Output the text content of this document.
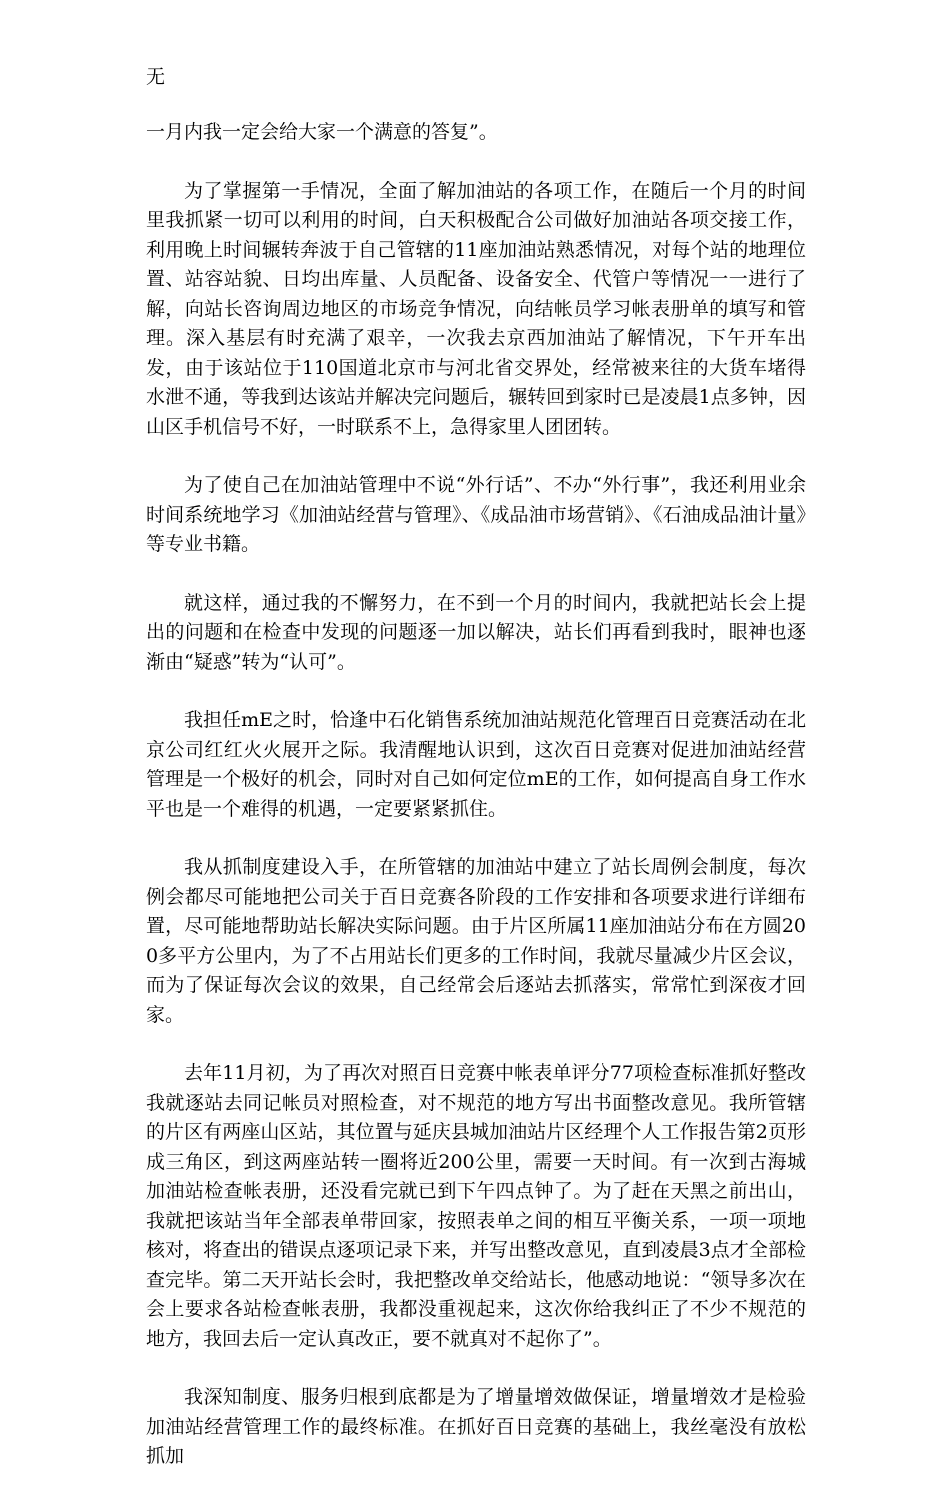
无

一月内我一定会给大家一个满意的答复”。

为了掌握第一手情况，全面了解加油站的各项工作，在随后一个月的时间里我抓紧一切可以利用的时间，白天积极配合公司做好加油站各项交接工作，利用晚上时间辗转奔波于自己管辖的11座加油站熟悉情况，对每个站的地理位置、站容站貌、日均出库量、人员配备、设备安全、代管户等情况一一进行了解，向站长咨询周边地区的市场竞争情况，向结帐员学习帐表册单的填写和管理。深入基层有时充满了艰辛，一次我去京西加油站了解情况，下午开车出发，由于该站位于110国道北京市与河北省交界处，经常被来往的大货车堵得水泄不通，等我到达该站并解决完问题后，辗转回到家时已是凌晨1点多钟，因山区手机信号不好，一时联系不上，急得家里人团团转。

为了使自己在加油站管理中不说“外行话”、不办“外行事”，我还利用业余时间系统地学习《加油站经营与管理》、《成品油市场营销》、《石油成品油计量》等专业书籍。

就这样，通过我的不懈努力，在不到一个月的时间内，我就把站长会上提出的问题和在检查中发现的问题逐一加以解决，站长们再看到我时，眼神也逐渐由“疑惑”转为“认可”。

我担任mE之时，恰逢中石化销售系统加油站规范化管理百日竞赛活动在北京公司红红火火展开之际。我清醒地认识到，这次百日竞赛对促进加油站经营管理是一个极好的机会，同时对自己如何定位mE的工作，如何提高自身工作水平也是一个难得的机遇，一定要紧紧抓住。

我从抓制度建设入手，在所管辖的加油站中建立了站长周例会制度，每次例会都尽可能地把公司关于百日竞赛各阶段的工作安排和各项要求进行详细布置，尽可能地帮助站长解决实际问题。由于片区所属11座加油站分布在方圆200多平方公里内，为了不占用站长们更多的工作时间，我就尽量减少片区会议，而为了保证每次会议的效果，自己经常会后逐站去抓落实，常常忙到深夜才回家。

去年11月初，为了再次对照百日竞赛中帐表单评分77项检查标准抓好整改我就逐站去同记帐员对照检查，对不规范的地方写出书面整改意见。我所管辖的片区有两座山区站，其位置与延庆县城加油站片区经理个人工作报告第2页形成三角区，到这两座站转一圈将近200公里，需要一天时间。有一次到古海城加油站检查帐表册，还没看完就已到下午四点钟了。为了赶在天黑之前出山，我就把该站当年全部表单带回家，按照表单之间的相互平衡关系，一项一项地核对，将查出的错误点逐项记录下来，并写出整改意见，直到凌晨3点才全部检查完毕。第二天开站长会时，我把整改单交给站长，他感动地说：“领导多次在会上要求各站检查帐表册，我都没重视起来，这次你给我纠正了不少不规范的地方，我回去后一定认真改正，要不就真对不起你了”。

我深知制度、服务归根到底都是为了增量增效做保证，增量增效才是检验加油站经营管理工作的最终标准。在抓好百日竞赛的基础上，我丝毫没有放松抓加
